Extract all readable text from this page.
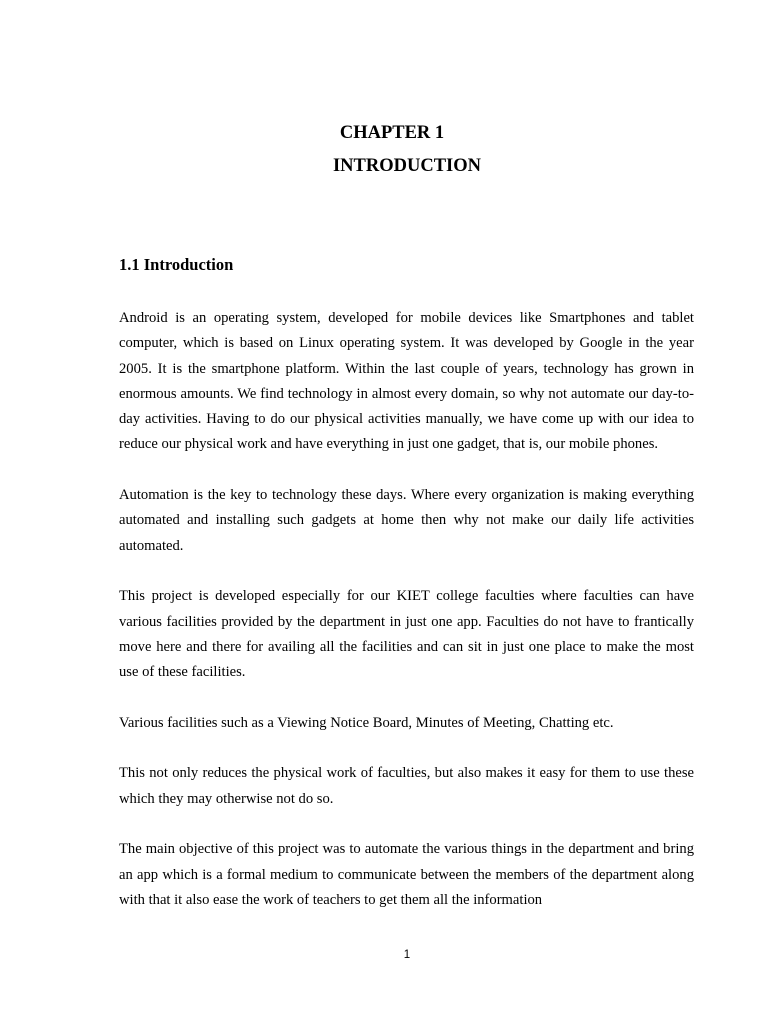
CHAPTER 1
INTRODUCTION
1.1 Introduction

Android is an operating system, developed for mobile devices like Smartphones and tablet computer, which is based on Linux operating system. It was developed by Google in the year 2005. It is the smartphone platform. Within the last couple of years, technology has grown in enormous amounts. We find technology in almost every domain, so why not automate our day-to-day activities. Having to do our physical activities manually, we have come up with our idea to reduce our physical work and have everything in just one gadget, that is, our mobile phones.

Automation is the key to technology these days. Where every organization is making everything automated and installing such gadgets at home then why not make our daily life activities automated.

This project is developed especially for our KIET college faculties where faculties can have various facilities provided by the department in just one app. Faculties do not have to frantically move here and there for availing all the facilities and can sit in just one place to make the most use of these facilities.

Various facilities such as a Viewing Notice Board, Minutes of Meeting, Chatting etc.

This not only reduces the physical work of faculties, but also makes it easy for them to use these which they may otherwise not do so.

The main objective of this project was to automate the various things in the department and bring an app which is a formal medium to communicate between the members of the department along with that it also ease the work of teachers to get them all the information

1
